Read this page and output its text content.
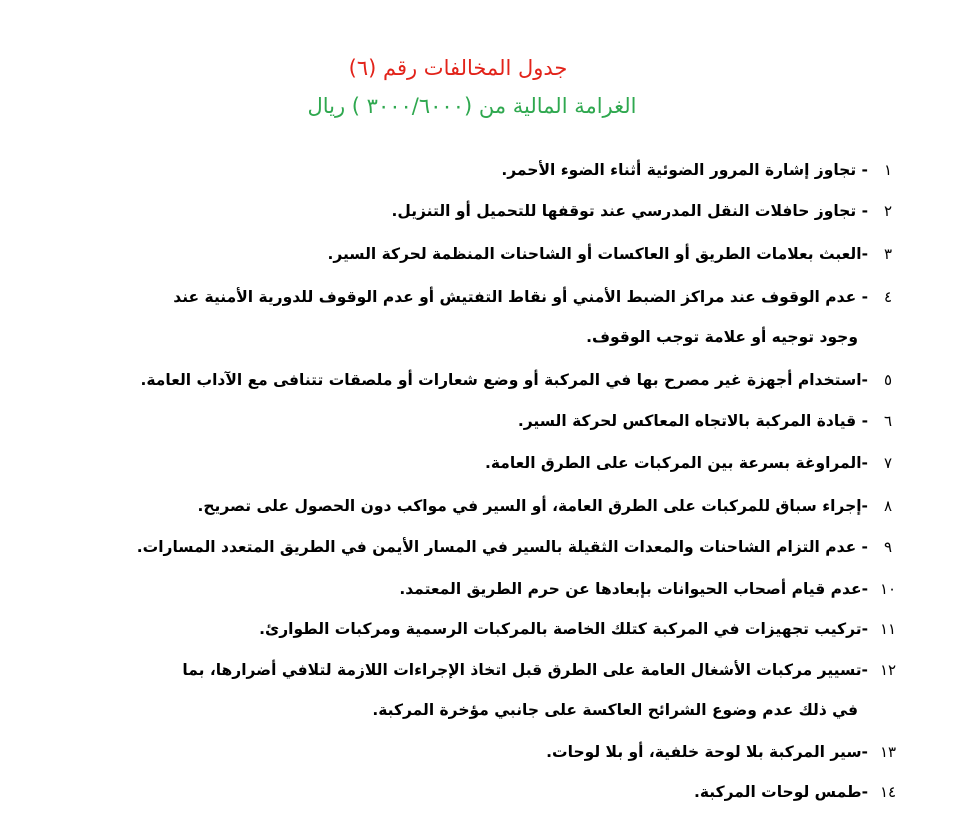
جدول المخالفات رقم (٦)
الغرامة المالية من (٣٠٠٠/٦٠٠٠ ) ريال
١
- تجاوز إشارة المرور الضوئية أثناء الضوء الأحمر.
٢
- تجاوز حافلات النقل المدرسي عند توقفها للتحميل أو التنزيل.
٣
-العبث بعلامات الطريق أو العاكسات أو الشاحنات المنظمة لحركة السير.
٤
- عدم الوقوف عند مراكز الضبط الأمني أو نقاط التفتيش أو عدم الوقوف للدورية الأمنية عند
وجود توجيه أو علامة توجب الوقوف.
٥
-استخدام أجهزة غير مصرح بها في المركبة أو وضع شعارات أو ملصقات تتنافى مع الآداب العامة.
٦
- قيادة المركبة بالاتجاه المعاكس لحركة السير.
٧
-المراوغة بسرعة بين المركبات على الطرق العامة.
٨
-إجراء سباق للمركبات على الطرق العامة، أو السير في مواكب دون الحصول على تصريح.
٩
- عدم التزام الشاحنات والمعدات الثقيلة بالسير في المسار الأيمن في الطريق المتعدد المسارات.
١٠
-عدم قيام أصحاب الحيوانات بإبعادها عن حرم الطريق المعتمد.
١١
-تركيب تجهيزات في المركبة كتلك الخاصة بالمركبات الرسمية ومركبات الطوارئ.
١٢
-تسيير مركبات الأشغال العامة على الطرق قبل اتخاذ الإجراءات اللازمة لتلافي أضرارها، بما
في ذلك عدم وضوع الشرائح العاكسة على جانبي مؤخرة المركبة.
١٣
-سير المركبة بلا لوحة خلفية، أو بلا لوحات.
١٤
-طمس لوحات المركبة.
